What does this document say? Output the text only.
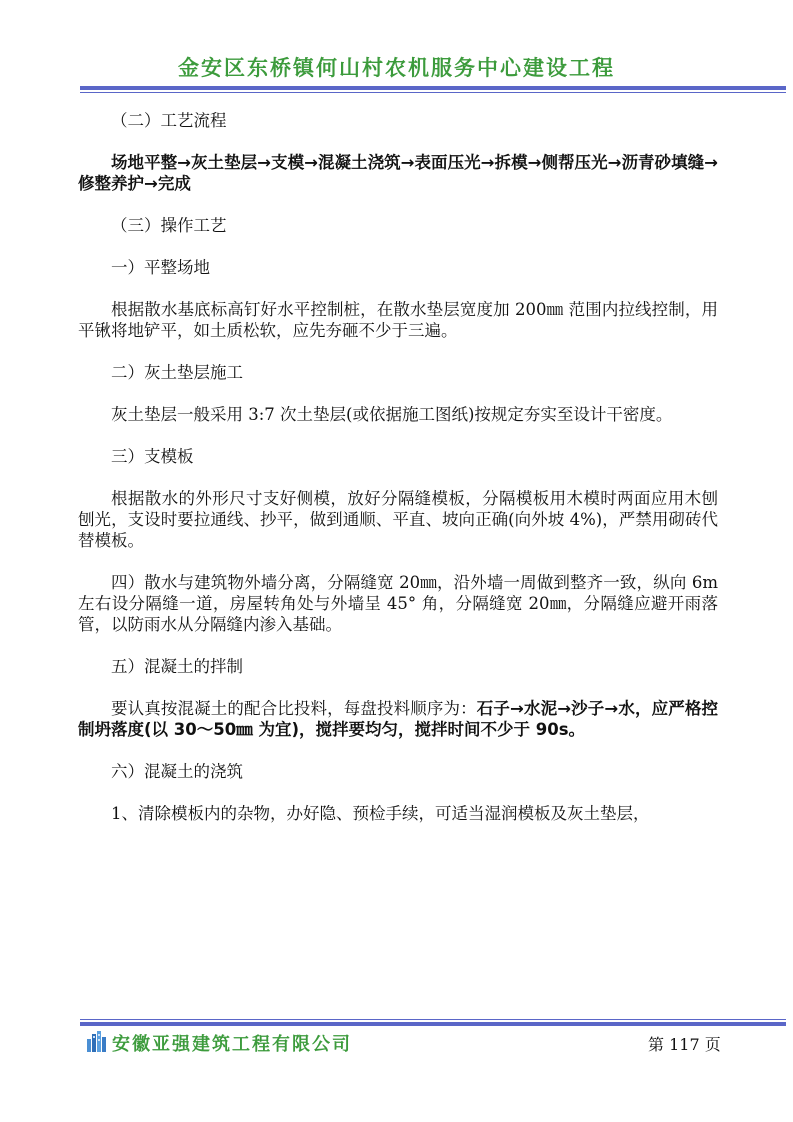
金安区东桥镇何山村农机服务中心建设工程

（二）工艺流程

场地平整→灰土垫层→支模→混凝土浇筑→表面压光→拆模→侧帮压光→沥青砂填缝→修整养护→完成

（三）操作工艺

一）平整场地

根据散水基底标高钉好水平控制桩，在散水垫层宽度加 200㎜ 范围内拉线控制，用平锹将地铲平，如土质松软，应先夯砸不少于三遍。

二）灰土垫层施工

灰土垫层一般采用 3:7 次土垫层(或依据施工图纸)按规定夯实至设计干密度。

三）支模板

根据散水的外形尺寸支好侧模，放好分隔缝模板，分隔模板用木模时两面应用木刨刨光，支设时要拉通线、抄平，做到通顺、平直、坡向正确(向外坡 4%)，严禁用砌砖代替模板。

四）散水与建筑物外墙分离，分隔缝宽 20㎜，沿外墙一周做到整齐一致，纵向 6m 左右设分隔缝一道，房屋转角处与外墙呈 45° 角，分隔缝宽 20㎜，分隔缝应避开雨落管，以防雨水从分隔缝内渗入基础。

五）混凝土的拌制

要认真按混凝土的配合比投料，每盘投料顺序为：石子→水泥→沙子→水，应严格控制坍落度(以 30～50㎜ 为宜)，搅拌要均匀，搅拌时间不少于 90s。

六）混凝土的浇筑

1、清除模板内的杂物，办好隐、预检手续，可适当湿润模板及灰土垫层，

安徽亚强建筑工程有限公司	第 117 页
